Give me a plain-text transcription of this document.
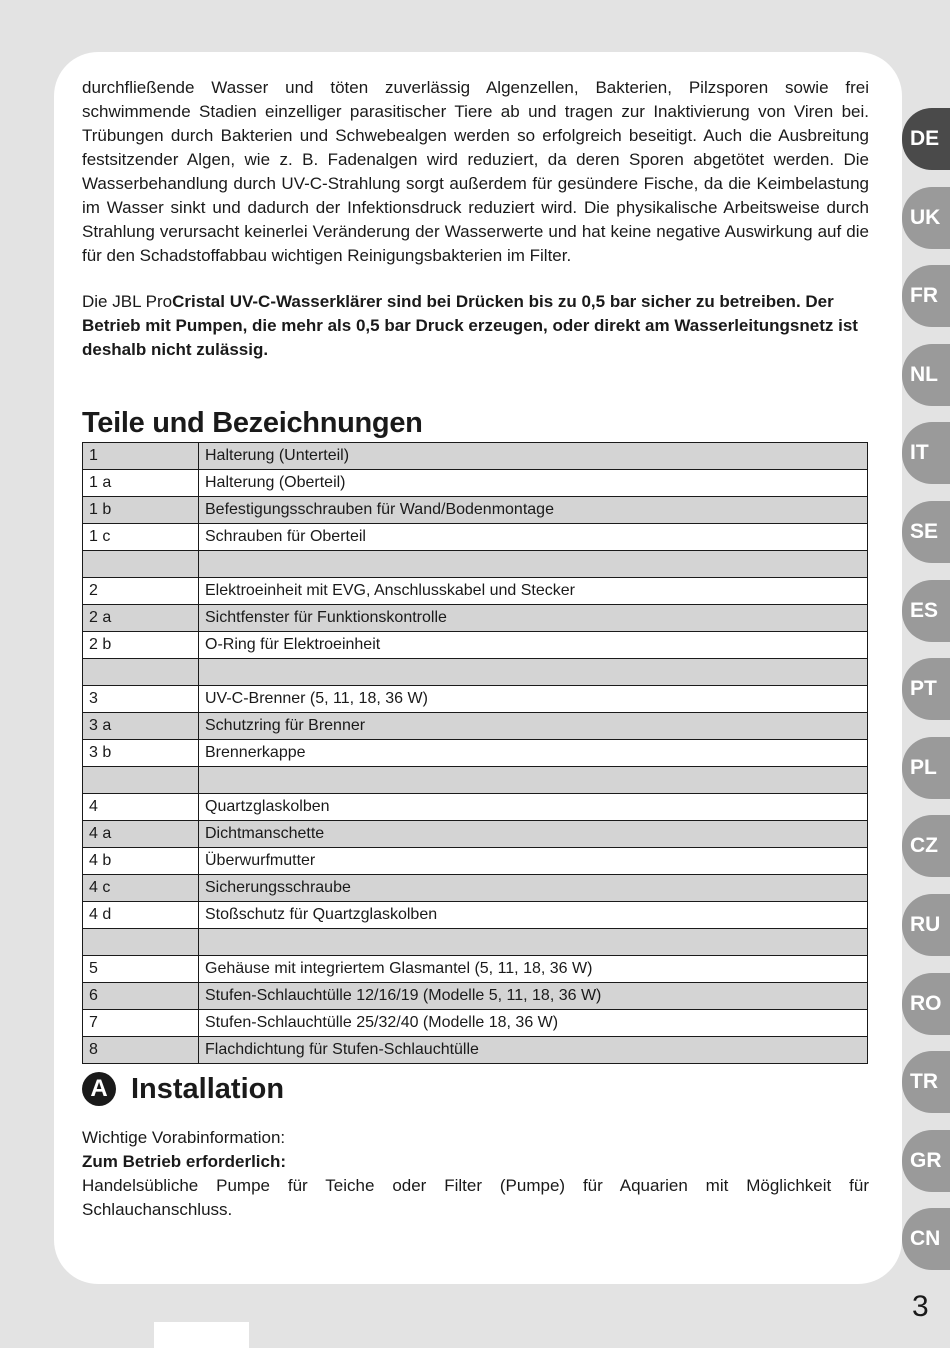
durchfließende Wasser und töten zuverlässig Algenzellen, Bakterien, Pilzsporen sowie frei schwimmende Stadien einzelliger parasitischer Tiere ab und tragen zur Inaktivierung von Viren bei. Trübungen durch Bakterien und Schwebealgen werden so erfolgreich beseitigt. Auch die Ausbreitung festsitzender Algen, wie z. B. Fadenalgen wird reduziert, da deren Sporen abgetötet werden. Die Wasserbehandlung durch UV-C-Strahlung sorgt außerdem für gesündere Fische, da die Keimbelastung im Wasser sinkt und dadurch der Infektionsdruck reduziert wird. Die physikalische Arbeitsweise durch Strahlung verursacht keinerlei Veränderung der Wasserwerte und hat keine negative Auswirkung auf die für den Schadstoffabbau wichtigen Reinigungsbakterien im Filter.

Die JBL ProCristal UV-C-Wasserklärer sind bei Drücken bis zu 0,5 bar sicher zu betreiben. Der Betrieb mit Pumpen, die mehr als 0,5 bar Druck erzeugen, oder direkt am Wasserleitungsnetz ist deshalb nicht zulässig.

Teile und Bezeichnungen
1	Halterung (Unterteil)
1 a	Halterung (Oberteil)
1 b	Befestigungsschrauben für Wand/Bodenmontage
1 c	Schrauben für Oberteil

2	Elektroeinheit mit EVG, Anschlusskabel und Stecker
2 a	Sichtfenster für Funktionskontrolle
2 b	O-Ring für Elektroeinheit

3	UV-C-Brenner (5, 11, 18, 36 W)
3 a	Schutzring für Brenner
3 b	Brennerkappe

4	Quartzglaskolben
4 a	Dichtmanschette
4 b	Überwurfmutter
4 c	Sicherungsschraube
4 d	Stoßschutz für Quartzglaskolben

5	Gehäuse mit integriertem Glasmantel (5, 11, 18, 36 W)
6	Stufen-Schlauchtülle 12/16/19 (Modelle 5, 11, 18, 36 W)
7	Stufen-Schlauchtülle 25/32/40 (Modelle 18, 36 W)
8	Flachdichtung für Stufen-Schlauchtülle
A Installation

Wichtige Vorabinformation:

Zum Betrieb erforderlich:

Handelsübliche Pumpe für Teiche oder Filter (Pumpe) für Aquarien mit Möglichkeit für Schlauchanschluss.

DE
UK
FR
NL
IT
SE
ES
PT
PL
CZ
RU
RO
TR
GR
CN
3
